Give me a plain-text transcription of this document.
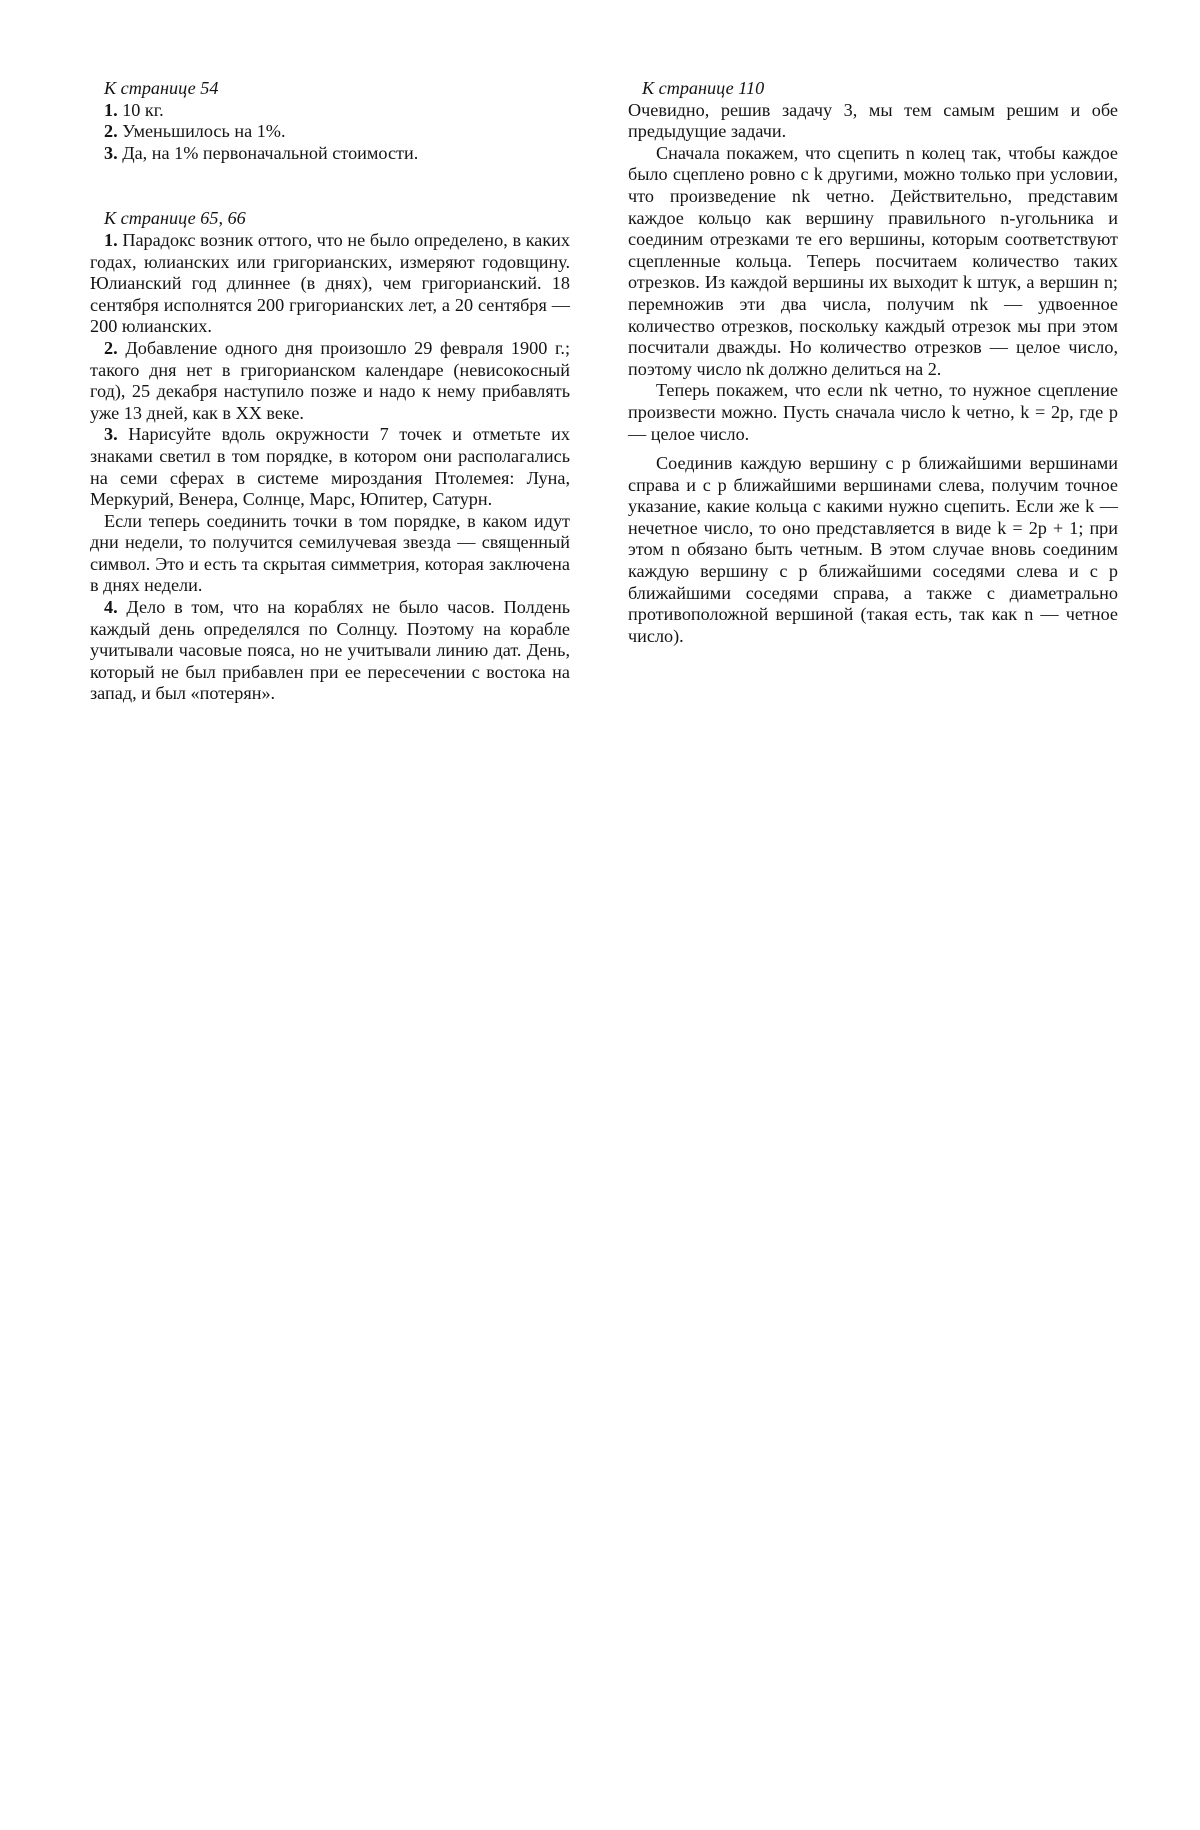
К странице 54

1. 10 кг.

2. Уменьшилось на 1%.

3. Да, на 1% первоначальной стоимости.

К странице 65, 66

1. Парадокс возник оттого, что не было определено, в каких годах, юлианских или григорианских, измеряют годовщину. Юлианский год длиннее (в днях), чем григорианский. 18 сентября исполнятся 200 григорианских лет, а 20 сентября — 200 юлианских.

2. Добавление одного дня произошло 29 февраля 1900 г.; такого дня нет в григорианском календаре (невисокосный год), 25 декабря наступило позже и надо к нему прибавлять уже 13 дней, как в XX веке.

3. Нарисуйте вдоль окружности 7 точек и отметьте их знаками светил в том порядке, в котором они располагались на семи сферах в системе мироздания Птолемея: Луна, Меркурий, Венера, Солнце, Марс, Юпитер, Сатурн.

Если теперь соединить точки в том порядке, в каком идут дни недели, то получится семилучевая звезда — священный символ. Это и есть та скрытая симметрия, которая заключена в днях недели.

4. Дело в том, что на кораблях не было часов. Полдень каждый день определялся по Солнцу. Поэтому на корабле учитывали часовые пояса, но не учитывали линию дат. День, который не был прибавлен при ее пересечении с востока на запад, и был «потерян».

К странице 110

Очевидно, решив задачу 3, мы тем самым решим и обе предыдущие задачи.

Сначала покажем, что сцепить n колец так, чтобы каждое было сцеплено ровно с k другими, можно только при условии, что произведение nk четно. Действительно, представим каждое кольцо как вершину правильного n-угольника и соединим отрезками те его вершины, которым соответствуют сцепленные кольца. Теперь посчитаем количество таких отрезков. Из каждой вершины их выходит k штук, а вершин n; перемножив эти два числа, получим nk — удвоенное количество отрезков, поскольку каждый отрезок мы при этом посчитали дважды. Но количество отрезков — целое число, поэтому число nk должно делиться на 2.

Теперь покажем, что если nk четно, то нужное сцепление произвести можно. Пусть сначала число k четно, k = 2p, где p — целое число.

Соединив каждую вершину с p ближайшими вершинами справа и с p ближайшими вершинами слева, получим точное указание, какие кольца с какими нужно сцепить. Если же k — нечетное число, то оно представляется в виде k = 2p + 1; при этом n обязано быть четным. В этом случае вновь соединим каждую вершину с p ближайшими соседями слева и с p ближайшими соседями справа, а также с диаметрально противоположной вершиной (такая есть, так как n — четное число).
